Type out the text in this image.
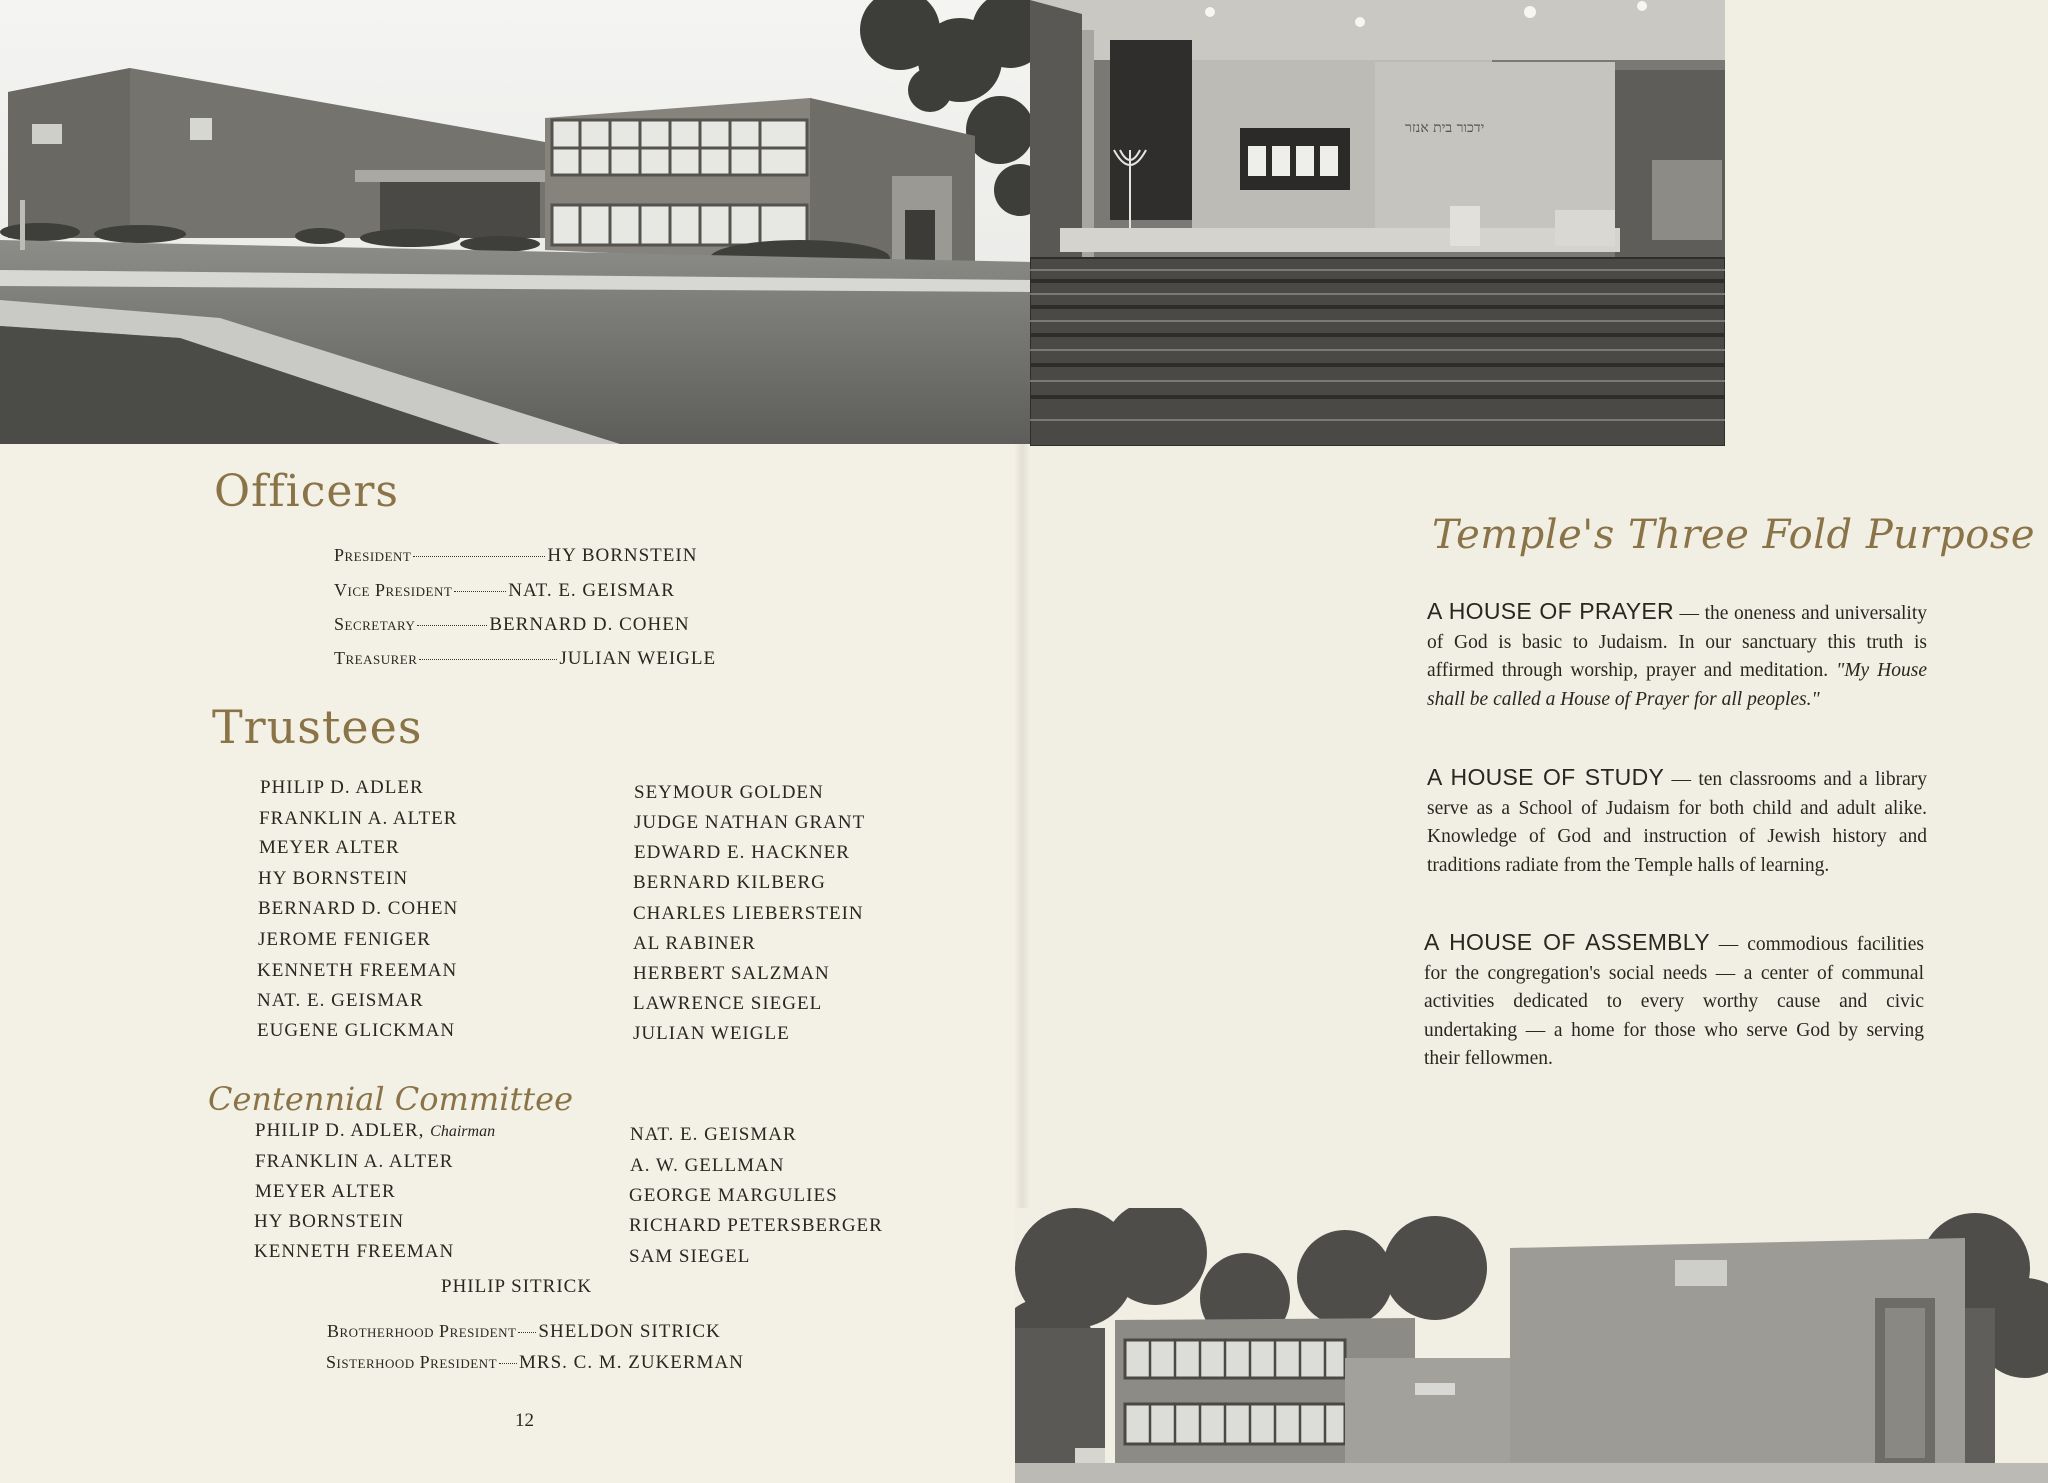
ידכור בית אנזר
Officers
Trustees
Centennial Committee
Temple's Three Fold Purpose
President	HY BORNSTEIN
Vice President	NAT. E. GEISMAR
Secretary	BERNARD D. COHEN
Treasurer	JULIAN WEIGLE
PHILIP D. ADLER
FRANKLIN A. ALTER
MEYER ALTER
HY BORNSTEIN
BERNARD D. COHEN
JEROME FENIGER
KENNETH FREEMAN
NAT. E. GEISMAR
EUGENE GLICKMAN
SEYMOUR GOLDEN
JUDGE NATHAN GRANT
EDWARD E. HACKNER
BERNARD KILBERG
CHARLES LIEBERSTEIN
AL RABINER
HERBERT SALZMAN
LAWRENCE SIEGEL
JULIAN WEIGLE
PHILIP D. ADLER, Chairman
FRANKLIN A. ALTER
MEYER ALTER
HY BORNSTEIN
KENNETH FREEMAN
NAT. E. GEISMAR
A. W. GELLMAN
GEORGE MARGULIES
RICHARD PETERSBERGER
SAM SIEGEL
PHILIP SITRICK
Brotherhood President SHELDON SITRICK
Sisterhood President MRS. C. M. ZUKERMAN
12
A HOUSE OF PRAYER — the oneness and universality of God is basic to Judaism. In our sanctuary this truth is affirmed through worship, prayer and meditation. "My House shall be called a House of Prayer for all peoples."
A HOUSE OF STUDY — ten classrooms and a library serve as a School of Judaism for both child and adult alike. Knowledge of God and instruction of Jewish history and traditions radiate from the Temple halls of learning.
A HOUSE OF ASSEMBLY — commodious facilities for the congregation's social needs — a center of communal activities dedicated to every worthy cause and civic undertaking — a home for those who serve God by serving their fellowmen.
